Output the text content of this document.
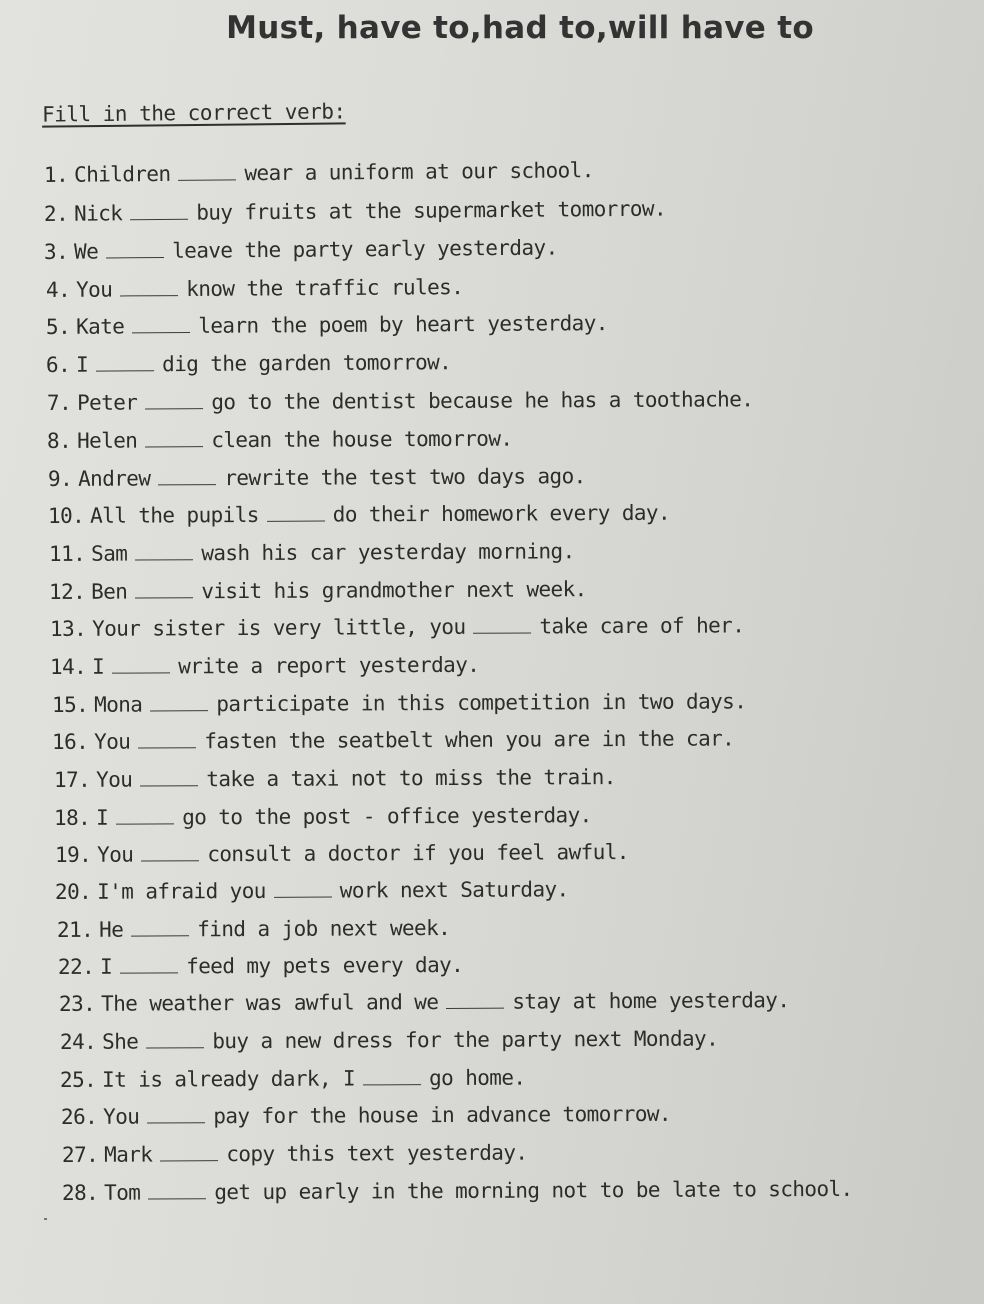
Must, have to,had to,will have to
Fill in the correct verb:
1. Children	wear a uniform at our school.
2. Nick	buy fruits at the supermarket tomorrow.
3. We	leave the party early yesterday.
4. You	know the traffic rules.
5. Kate	learn the poem by heart yesterday.
6. I	dig the garden tomorrow.
7. Peter	go to the dentist because he has a toothache.
8. Helen	clean the house tomorrow.
9. Andrew	rewrite the test two days ago.
10. All the pupils	do their homework every day.
11. Sam	wash his car yesterday morning.
12. Ben	visit his grandmother next week.
13. Your sister is very little, you	take care of her.
14. I	write a report yesterday.
15. Mona	participate in this competition in two days.
16. You	fasten the seatbelt when you are in the car.
17. You	take a taxi not to miss the train.
18. I	go to the post - office yesterday.
19. You	consult a doctor if you feel awful.
20. I'm afraid you	work next Saturday.
21. He	find a job next week.
22. I	feed my pets every day.
23. The weather was awful and we	stay at home yesterday.
24. She	buy a new dress for the party next Monday.
25. It is already dark, I	go home.
26. You	pay for the house in advance tomorrow.
27. Mark	copy this text yesterday.
28. Tom	get up early in the morning not to be late to school.
